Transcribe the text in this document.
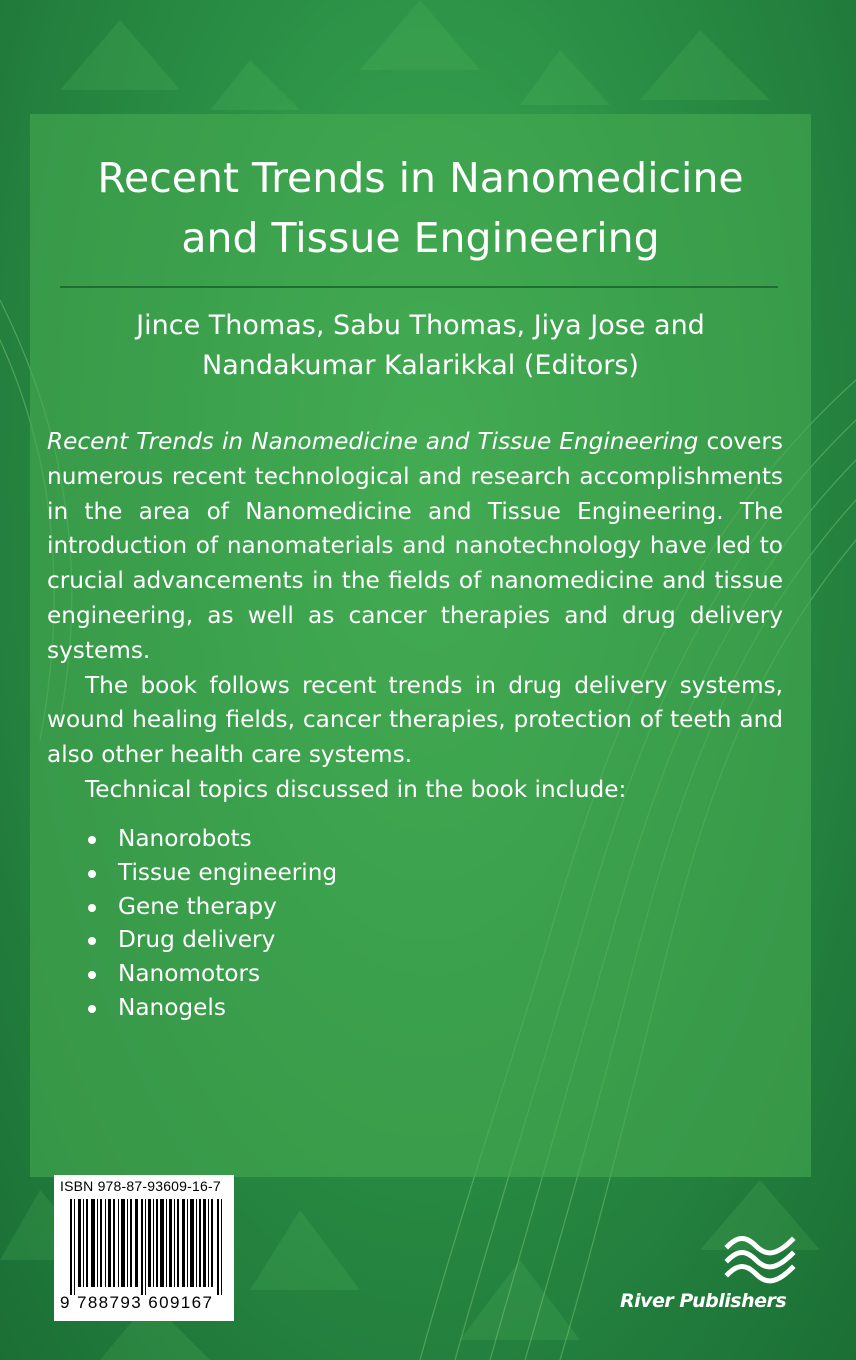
Recent Trends in Nanomedicine
and Tissue Engineering
Jince Thomas, Sabu Thomas, Jiya Jose and
Nandakumar Kalarikkal (Editors)

Recent Trends in Nanomedicine and Tissue Engineering covers numerous recent technological and research accomplishments in the area of Nanomedicine and Tissue Engineering. The introduction of nanomaterials and nanotechnology have led to crucial advancements in the fields of nanomedicine and tissue engineering, as well as cancer therapies and drug delivery systems.

The book follows recent trends in drug delivery systems, wound healing fields, cancer therapies, protection of teeth and also other health care systems.

Technical topics discussed in the book include:

Nanorobots
Tissue engineering
Gene therapy
Drug delivery
Nanomotors
Nanogels
ISBN 978-87-93609-16-7
9 788793 609167	River Publishers
